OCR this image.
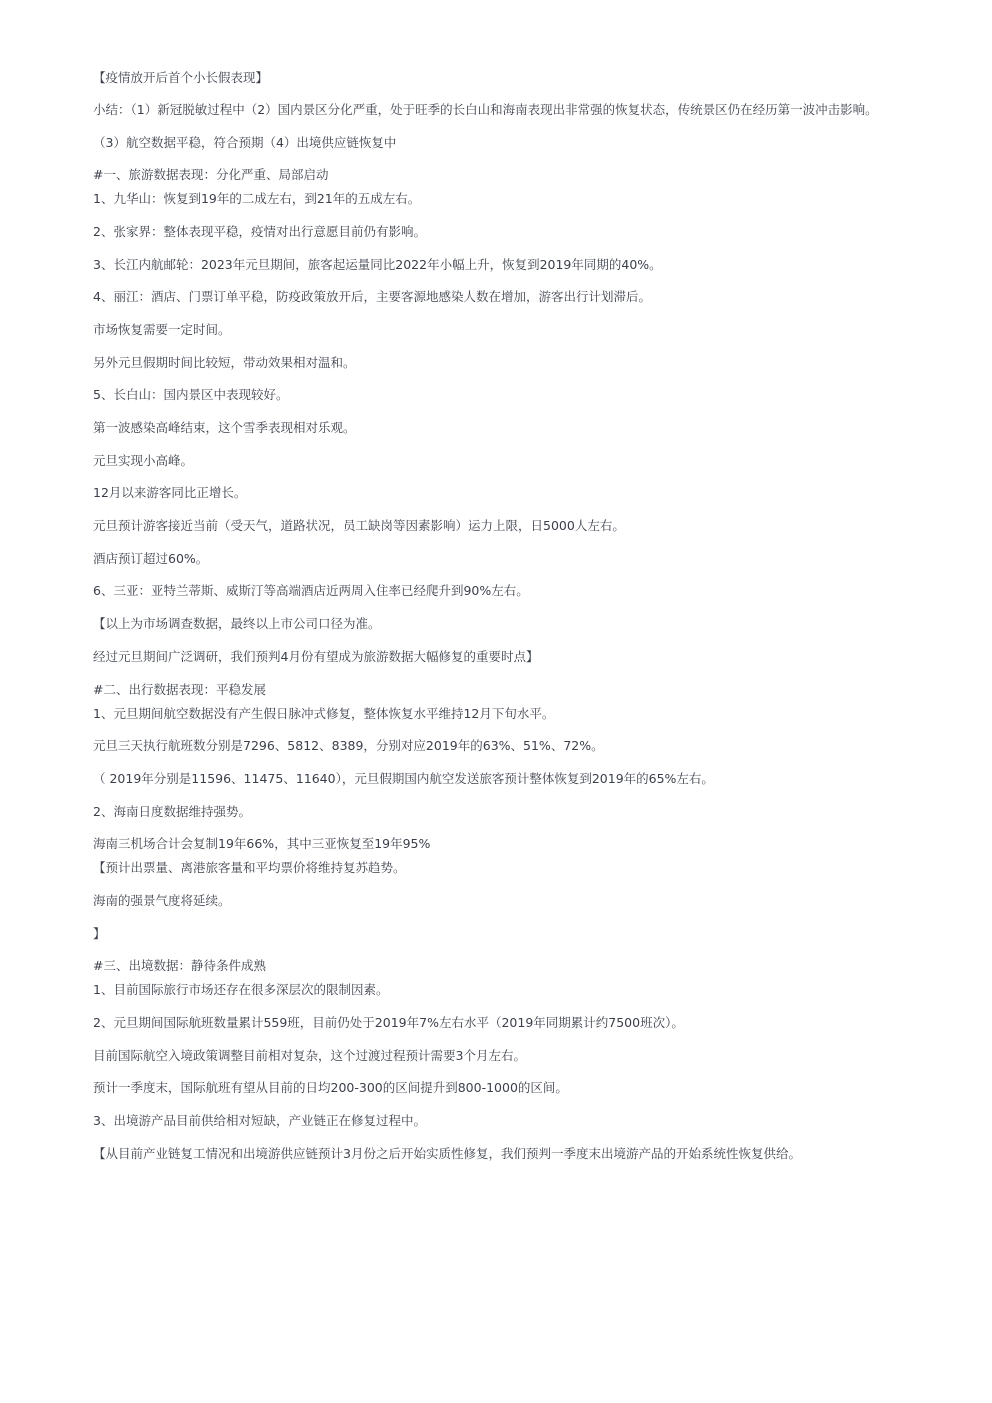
【疫情放开后首个小长假表现】
小结：（1）新冠脱敏过程中（2）国内景区分化严重，处于旺季的长白山和海南表现出非常强的恢复状态，传统景区仍在经历第一波冲击影响。
（3）航空数据平稳，符合预期（4）出境供应链恢复中
#一、旅游数据表现：分化严重、局部启动
1、九华山：恢复到19年的二成左右，到21年的五成左右。
2、张家界：整体表现平稳，疫情对出行意愿目前仍有影响。
3、长江内航邮轮：2023年元旦期间，旅客起运量同比2022年小幅上升，恢复到2019年同期的40%。
4、丽江：酒店、门票订单平稳，防疫政策放开后，主要客源地感染人数在增加，游客出行计划滞后。
市场恢复需要一定时间。
另外元旦假期时间比较短，带动效果相对温和。
5、长白山：国内景区中表现较好。
第一波感染高峰结束，这个雪季表现相对乐观。
元旦实现小高峰。
12月以来游客同比正增长。
元旦预计游客接近当前（受天气，道路状况，员工缺岗等因素影响）运力上限，日5000人左右。
酒店预订超过60%。
6、三亚：亚特兰蒂斯、威斯汀等高端酒店近两周入住率已经爬升到90%左右。
【以上为市场调查数据，最终以上市公司口径为准。
经过元旦期间广泛调研，我们预判4月份有望成为旅游数据大幅修复的重要时点】
#二、出行数据表现：平稳发展
1、元旦期间航空数据没有产生假日脉冲式修复，整体恢复水平维持12月下旬水平。
元旦三天执行航班数分别是7296、5812、8389，分别对应2019年的63%、51%、72%。
（ 2019年分别是11596、11475、11640），元旦假期国内航空发送旅客预计整体恢复到2019年的65%左右。
2、海南日度数据维持强势。
海南三机场合计会复制19年66%，其中三亚恢复至19年95%
【预计出票量、离港旅客量和平均票价将维持复苏趋势。
海南的强景气度将延续。
】
#三、出境数据：静待条件成熟
1、目前国际旅行市场还存在很多深层次的限制因素。
2、元旦期间国际航班数量累计559班，目前仍处于2019年7%左右水平（2019年同期累计约7500班次）。
目前国际航空入境政策调整目前相对复杂，这个过渡过程预计需要3个月左右。
预计一季度末，国际航班有望从目前的日均200-300的区间提升到800-1000的区间。
3、出境游产品目前供给相对短缺，产业链正在修复过程中。
【从目前产业链复工情况和出境游供应链预计3月份之后开始实质性修复，我们预判一季度末出境游产品的开始系统性恢复供给。
